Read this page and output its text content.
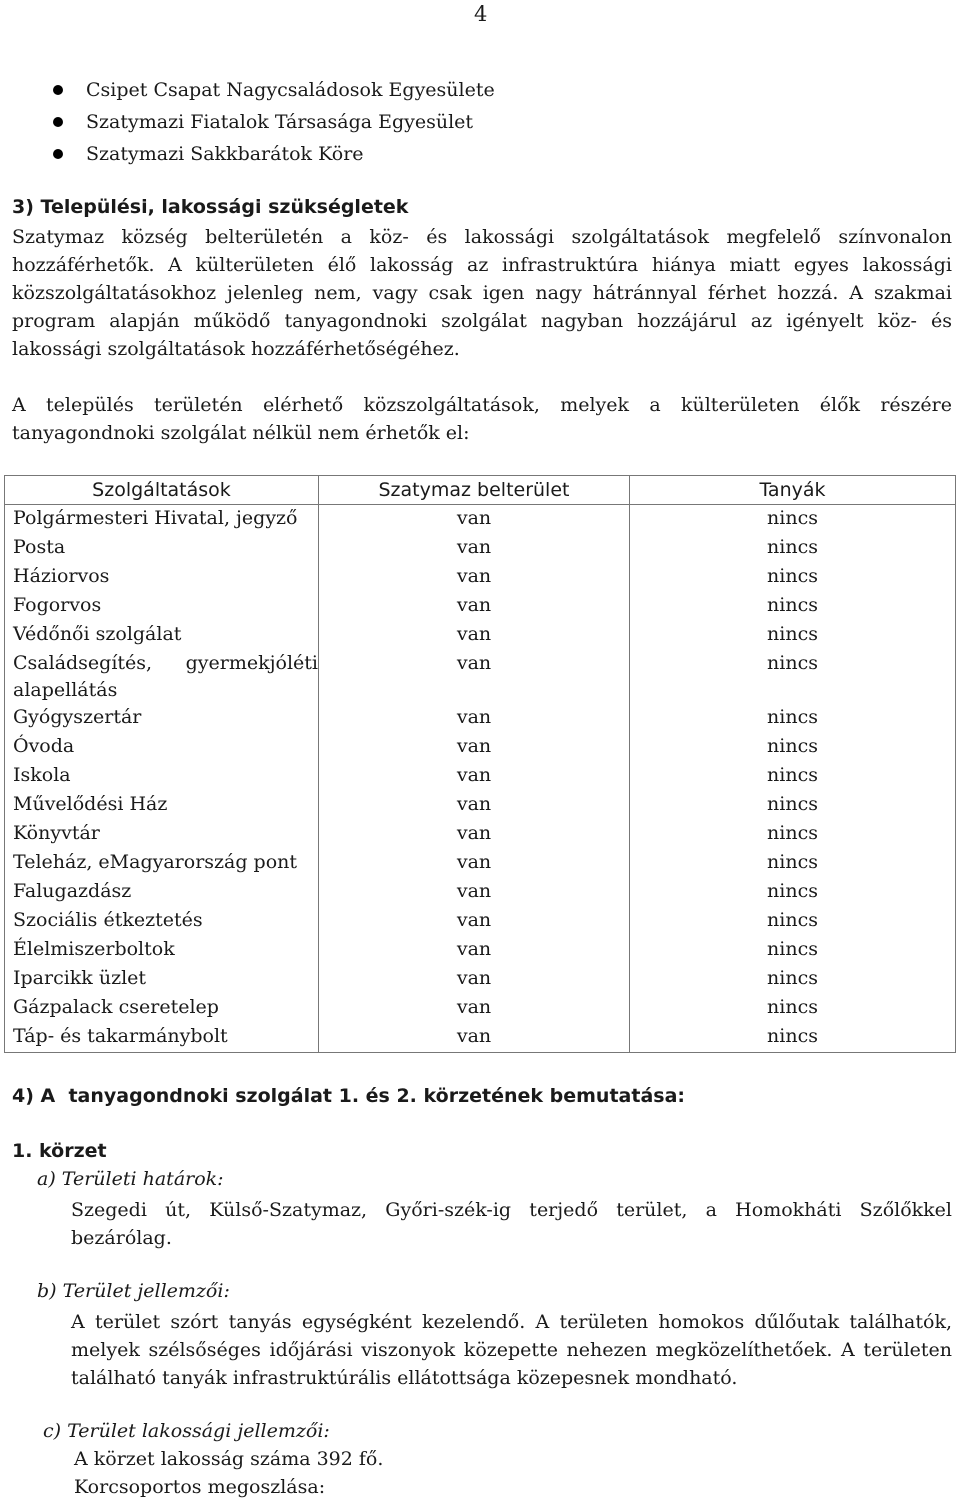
4
Csipet Csapat Nagycsaládosok Egyesülete
Szatymazi Fiatalok Társasága Egyesület
Szatymazi Sakkbarátok Köre
3) Települési, lakossági szükségletek

Szatymaz község belterületén a köz- és lakossági szolgáltatások megfelelő színvonalon hozzáférhetők. A külterületen élő lakosság az infrastruktúra hiánya miatt egyes lakossági közszolgáltatásokhoz jelenleg nem, vagy csak igen nagy hátránnyal férhet hozzá. A szakmai program alapján működő tanyagondnoki szolgálat nagyban hozzájárul az igényelt köz- és lakossági szolgáltatások hozzáférhetőségéhez.

A település területén elérhető közszolgáltatások, melyek a külterületen élők részére tanyagondnoki szolgálat nélkül nem érhetők el:

Szolgáltatások	Szatymaz belterület	Tanyák
Polgármesteri Hivatal, jegyző	van	nincs
Posta	van	nincs
Háziorvos	van	nincs
Fogorvos	van	nincs
Védőnői szolgálat	van	nincs
Családsegítés, gyermekjóléti alapellátás	van	nincs
Gyógyszertár	van	nincs
Óvoda	van	nincs
Iskola	van	nincs
Művelődési Ház	van	nincs
Könyvtár	van	nincs
Teleház, eMagyarország pont	van	nincs
Falugazdász	van	nincs
Szociális étkeztetés	van	nincs
Élelmiszerboltok	van	nincs
Iparcikk üzlet	van	nincs
Gázpalack cseretelep	van	nincs
Táp- és takarmánybolt	van	nincs
4) A  tanyagondnoki szolgálat 1. és 2. körzetének bemutatása:
1. körzet
a) Területi határok:

Szegedi út, Külső-Szatymaz, Győri-szék-ig terjedő terület, a Homokháti Szőlőkkel bezárólag.

b) Terület jellemzői:

A terület szórt tanyás egységként kezelendő. A területen homokos dűlőutak találhatók, melyek szélsőséges időjárási viszonyok közepette nehezen megközelíthetőek. A területen található tanyák infrastruktúrális ellátottsága közepesnek mondható.

c) Terület lakossági jellemzői:
A körzet lakosság száma 392 fő.
Korcsoportos megoszlása:
